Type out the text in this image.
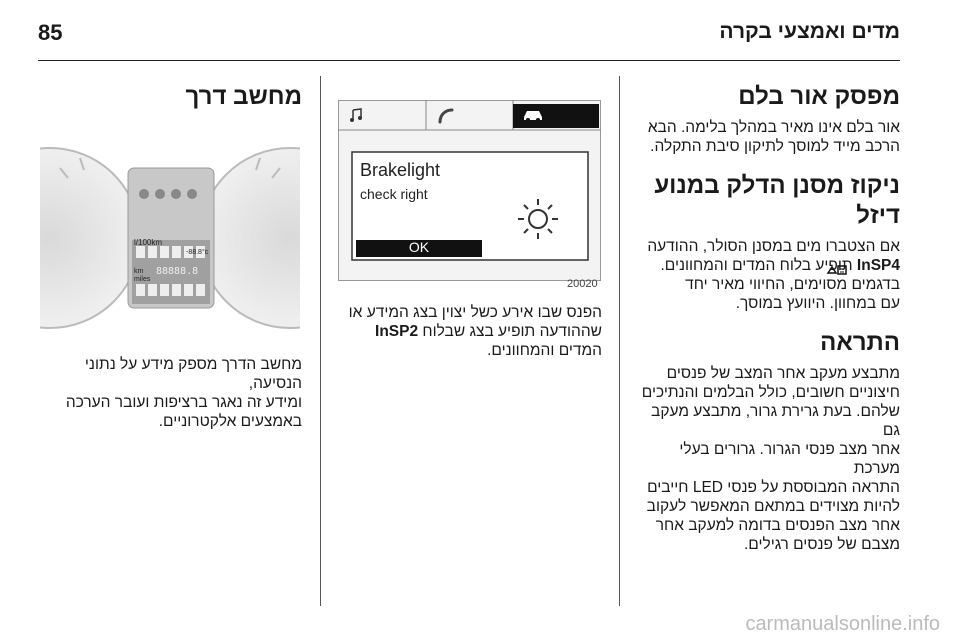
מדים ואמצעי בקרה
85
מפסק אור בלם

אור בלם אינו מאיר במהלך בלימה. הבא

הרכב מייד למוסך לתיקון סיבת התקלה.

ניקוז מסנן הדלק במנוע דיזל

אם הצטברו מים במסנן הסולר, ההודעה

InSP4 תופיע בלוח המדים והמחוונים.

בדגמים מסוימים, החיווי מאיר יחד

עם במחוון. היוועץ במוסך.

התראה

מתבצע מעקב אחר המצב של פנסים

חיצוניים חשובים, כולל הבלמים והנתיכים

שלהם. בעת גרירת גרור, מתבצע מעקב גם

אחר מצב פנסי הגרור. גרורים בעלי מערכת

התראה המבוססת על פנסי LED חייבים

להיות מצוידים במתאם המאפשר לעקוב

אחר מצב הפנסים בדומה למעקב אחר

מצבם של פנסים רגילים.

Brakelight
check right
OK
20020

הפנס שבו אירע כשל יצוין בצג המידע או

שההודעה תופיע בצג שבלוח InSP2

המדים והמחוונים.

מחשב דרך
l/100km
km
miles
88888.8
-88.8°c

מחשב הדרך מספק מידע על נתוני הנסיעה,

ומידע זה נאגר ברציפות ועובר הערכה

באמצעים אלקטרוניים.

carmanualsonline.info
